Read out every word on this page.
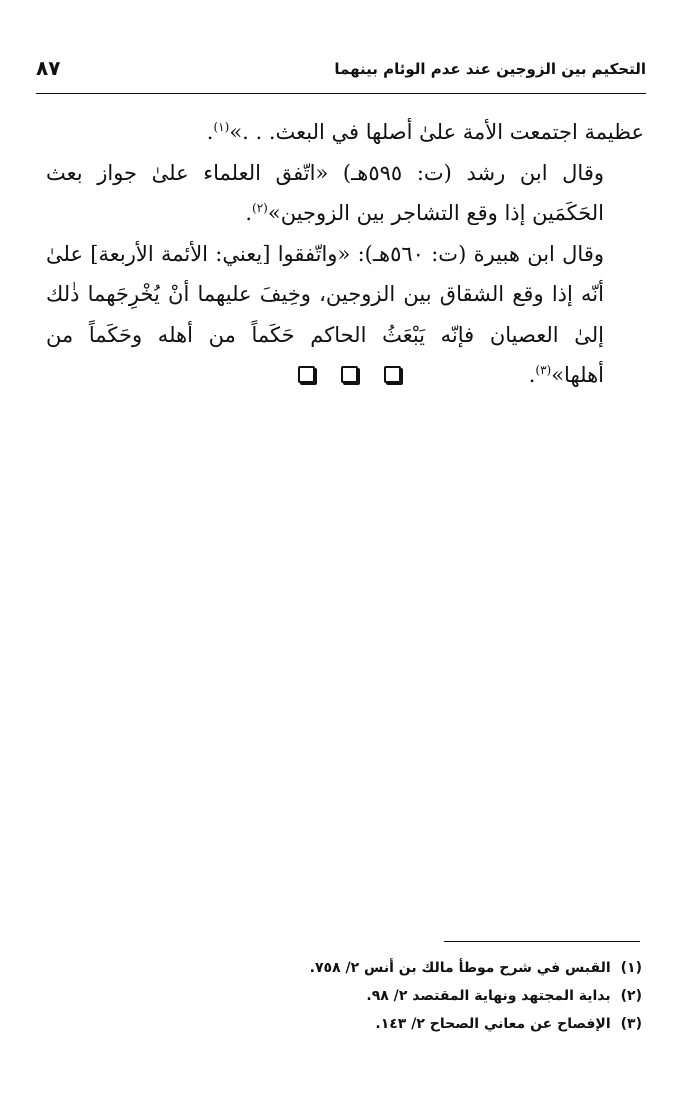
التحكيم بين الزوجين عند عدم الوئام بينهما
٨٧

عظيمة اجتمعت الأمة علىٰ أصلها في البعث. . .»$^{(١)}$.

وقال ابن رشد (ت: ٥٩٥هـ) «اتّفق العلماء علىٰ جواز بعث الحَكَمَين إذا وقع التشاجر بين الزوجين»$^{(٢)}$.

وقال ابن هبيرة (ت: ٥٦٠هـ): «واتّفقوا [يعني: الأئمة الأربعة] علىٰ أنّه إذا وقع الشقاق بين الزوجين، وخِيفَ عليهما أنْ يُخْرِجَهما ذٰلك إلىٰ العصيان فإنّه يَبْعَثُ الحاكم حَكَماً من أهله وحَكَماً من أهلها»$^{(٣)}$.

(١)القبس في شرح موطأ مالك بن أنس ٢/ ٧٥٨.
(٢)بداية المجتهد ونهاية المقتصد ٢/ ٩٨.
(٣)الإفصاح عن معاني الصحاح ٢/ ١٤٣.
